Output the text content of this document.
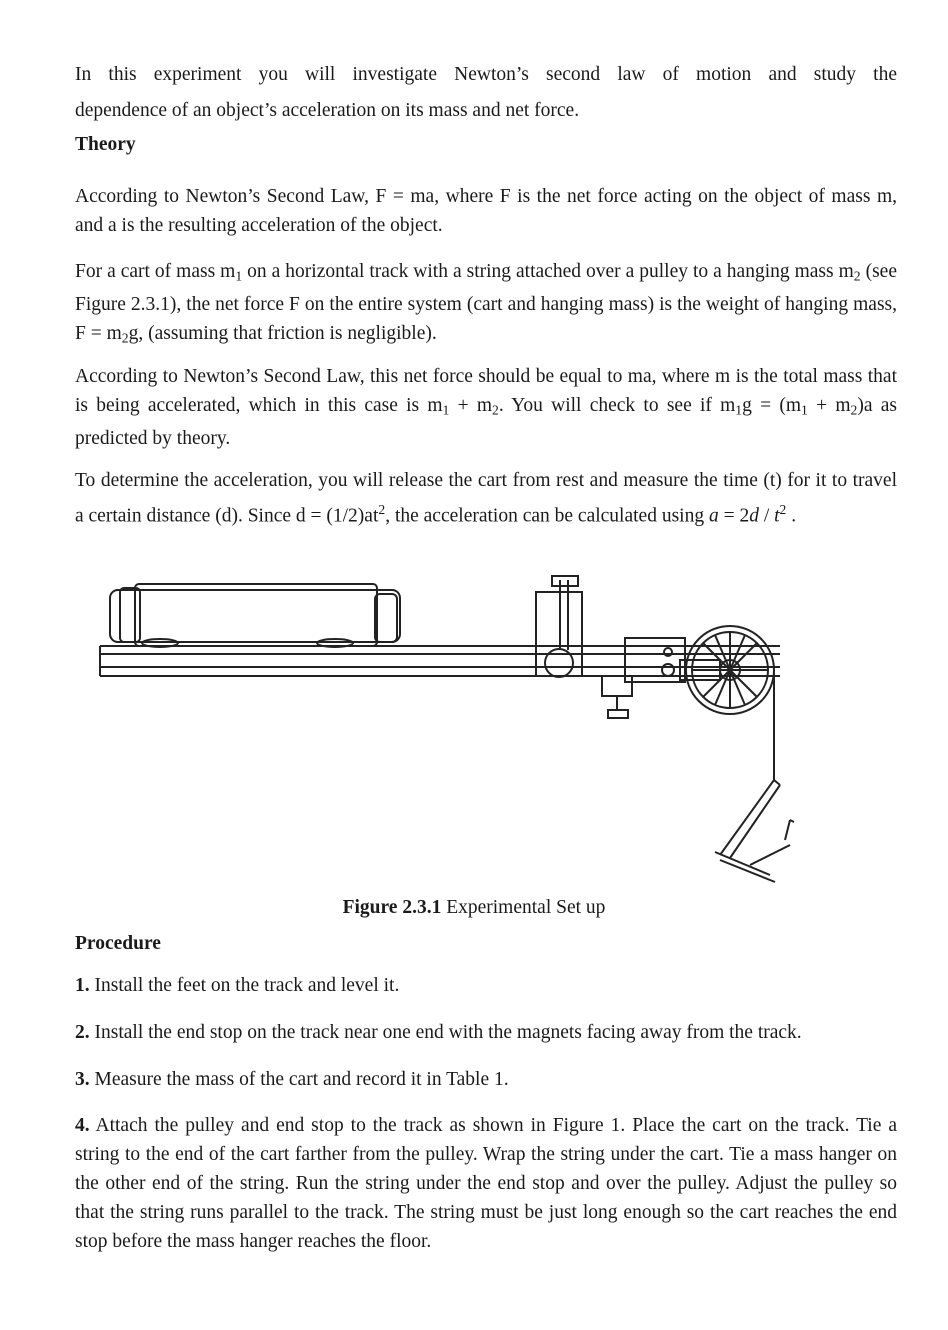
In this experiment you will investigate Newton’s second law of motion and study the
dependence of an object’s acceleration on its mass and net force.
Theory
According to Newton’s Second Law, F = ma, where F is the net force acting on the object of mass m, and a is the resulting acceleration of the object.
For a cart of mass $m_1$ on a horizontal track with a string attached over a pulley to a hanging mass $m_2$ (see Figure 2.3.1), the net force F on the entire system (cart and hanging mass) is the weight of hanging mass, $F = m_2g$, (assuming that friction is negligible).
According to Newton’s Second Law, this net force should be equal to ma, where m is the total mass that is being accelerated, which in this case is $m_1 + m_2$. You will check to see if $m_1g = (m_1 + m_2)a$ as predicted by theory.
To determine the acceleration, you will release the cart from rest and measure the time (t) for it to travel a certain distance (d). Since $d = (1/2)at^2$, the acceleration can be calculated using $a = 2d / t^2$ .
Figure 2.3.1 Experimental Set up
Procedure
1. Install the feet on the track and level it.
2. Install the end stop on the track near one end with the magnets facing away from the track.
3. Measure the mass of the cart and record it in Table 1.
4. Attach the pulley and end stop to the track as shown in Figure 1. Place the cart on the track. Tie a string to the end of the cart farther from the pulley. Wrap the string under the cart. Tie a mass hanger on the other end of the string. Run the string under the end stop and over the pulley. Adjust the pulley so that the string runs parallel to the track. The string must be just long enough so the cart reaches the end stop before the mass hanger reaches the floor.
